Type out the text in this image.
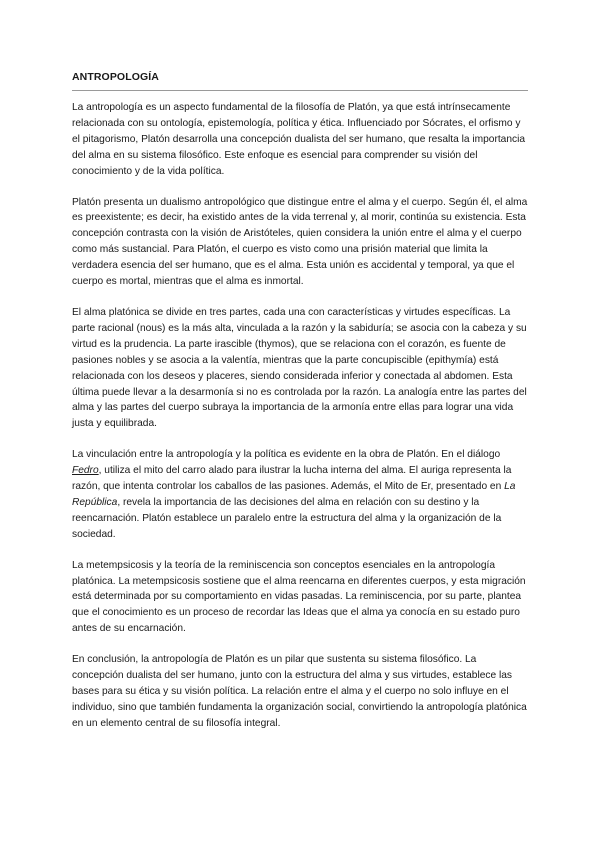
ANTROPOLOGÍA

La antropología es un aspecto fundamental de la filosofía de Platón, ya que está intrínsecamente relacionada con su ontología, epistemología, política y ética. Influenciado por Sócrates, el orfismo y el pitagorismo, Platón desarrolla una concepción dualista del ser humano, que resalta la importancia del alma en su sistema filosófico. Este enfoque es esencial para comprender su visión del conocimiento y de la vida política.

Platón presenta un dualismo antropológico que distingue entre el alma y el cuerpo. Según él, el alma es preexistente; es decir, ha existido antes de la vida terrenal y, al morir, continúa su existencia. Esta concepción contrasta con la visión de Aristóteles, quien considera la unión entre el alma y el cuerpo como más sustancial. Para Platón, el cuerpo es visto como una prisión material que limita la verdadera esencia del ser humano, que es el alma. Esta unión es accidental y temporal, ya que el cuerpo es mortal, mientras que el alma es inmortal.

El alma platónica se divide en tres partes, cada una con características y virtudes específicas. La parte racional (nous) es la más alta, vinculada a la razón y la sabiduría; se asocia con la cabeza y su virtud es la prudencia. La parte irascible (thymos), que se relaciona con el corazón, es fuente de pasiones nobles y se asocia a la valentía, mientras que la parte concupiscible (epithymía) está relacionada con los deseos y placeres, siendo considerada inferior y conectada al abdomen. Esta última puede llevar a la desarmonía si no es controlada por la razón. La analogía entre las partes del alma y las partes del cuerpo subraya la importancia de la armonía entre ellas para lograr una vida justa y equilibrada.

La vinculación entre la antropología y la política es evidente en la obra de Platón. En el diálogo Fedro, utiliza el mito del carro alado para ilustrar la lucha interna del alma. El auriga representa la razón, que intenta controlar los caballos de las pasiones. Además, el Mito de Er, presentado en La República, revela la importancia de las decisiones del alma en relación con su destino y la reencarnación. Platón establece un paralelo entre la estructura del alma y la organización de la sociedad.

La metempsicosis y la teoría de la reminiscencia son conceptos esenciales en la antropología platónica. La metempsicosis sostiene que el alma reencarna en diferentes cuerpos, y esta migración está determinada por su comportamiento en vidas pasadas. La reminiscencia, por su parte, plantea que el conocimiento es un proceso de recordar las Ideas que el alma ya conocía en su estado puro antes de su encarnación.

En conclusión, la antropología de Platón es un pilar que sustenta su sistema filosófico. La concepción dualista del ser humano, junto con la estructura del alma y sus virtudes, establece las bases para su ética y su visión política. La relación entre el alma y el cuerpo no solo influye en el individuo, sino que también fundamenta la organización social, convirtiendo la antropología platónica en un elemento central de su filosofía integral.
